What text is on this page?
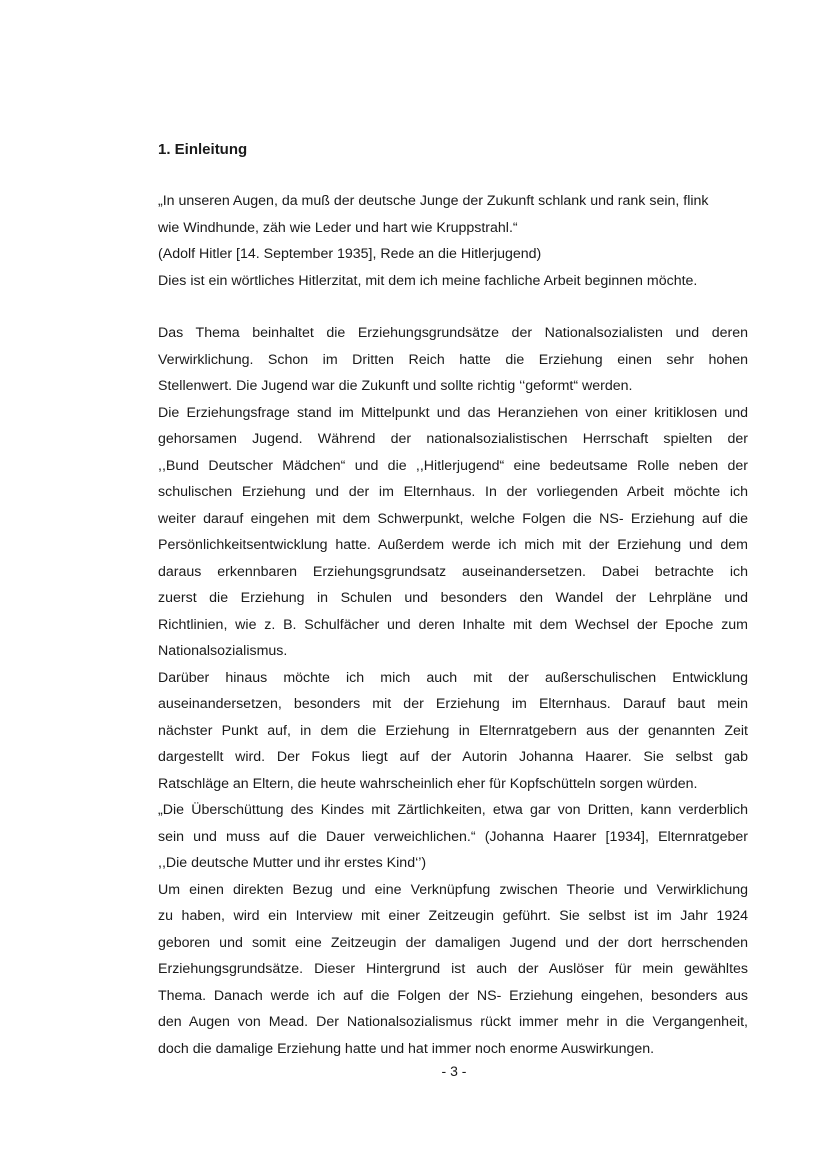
1. Einleitung
„In unseren Augen, da muß der deutsche Junge der Zukunft schlank und rank sein, flink
wie Windhunde, zäh wie Leder und hart wie Kruppstrahl.“
(Adolf Hitler [14. September 1935], Rede an die Hitlerjugend)
Dies ist ein wörtliches Hitlerzitat, mit dem ich meine fachliche Arbeit beginnen möchte.
Das Thema beinhaltet die Erziehungsgrundsätze der Nationalsozialisten und deren
Verwirklichung. Schon im Dritten Reich hatte die Erziehung einen sehr hohen
Stellenwert. Die Jugend war die Zukunft und sollte richtig ‘‘geformt“ werden.
Die Erziehungsfrage stand im Mittelpunkt und das Heranziehen von einer kritiklosen und
gehorsamen Jugend. Während der nationalsozialistischen Herrschaft spielten der
,,Bund Deutscher Mädchen“ und die ,,Hitlerjugend“ eine bedeutsame Rolle neben der
schulischen Erziehung und der im Elternhaus. In der vorliegenden Arbeit möchte ich
weiter darauf eingehen mit dem Schwerpunkt, welche Folgen die NS- Erziehung auf die
Persönlichkeitsentwicklung hatte. Außerdem werde ich mich mit der Erziehung und dem
daraus erkennbaren Erziehungsgrundsatz auseinandersetzen. Dabei betrachte ich
zuerst die Erziehung in Schulen und besonders den Wandel der Lehrpläne und
Richtlinien, wie z. B. Schulfächer und deren Inhalte mit dem Wechsel der Epoche zum
Nationalsozialismus.
Darüber hinaus möchte ich mich auch mit der außerschulischen Entwicklung
auseinandersetzen, besonders mit der Erziehung im Elternhaus. Darauf baut mein
nächster Punkt auf, in dem die Erziehung in Elternratgebern aus der genannten Zeit
dargestellt wird. Der Fokus liegt auf der Autorin Johanna Haarer. Sie selbst gab
Ratschläge an Eltern, die heute wahrscheinlich eher für Kopfschütteln sorgen würden.
„Die Überschüttung des Kindes mit Zärtlichkeiten, etwa gar von Dritten, kann verderblich
sein und muss auf die Dauer verweichlichen.“ (Johanna Haarer [1934], Elternratgeber
,,Die deutsche Mutter und ihr erstes Kind‘’)
Um einen direkten Bezug und eine Verknüpfung zwischen Theorie und Verwirklichung
zu haben, wird ein Interview mit einer Zeitzeugin geführt. Sie selbst ist im Jahr 1924
geboren und somit eine Zeitzeugin der damaligen Jugend und der dort herrschenden
Erziehungsgrundsätze. Dieser Hintergrund ist auch der Auslöser für mein gewähltes
Thema. Danach werde ich auf die Folgen der NS- Erziehung eingehen, besonders aus
den Augen von Mead. Der Nationalsozialismus rückt immer mehr in die Vergangenheit,
doch die damalige Erziehung hatte und hat immer noch enorme Auswirkungen.
- 3 -
